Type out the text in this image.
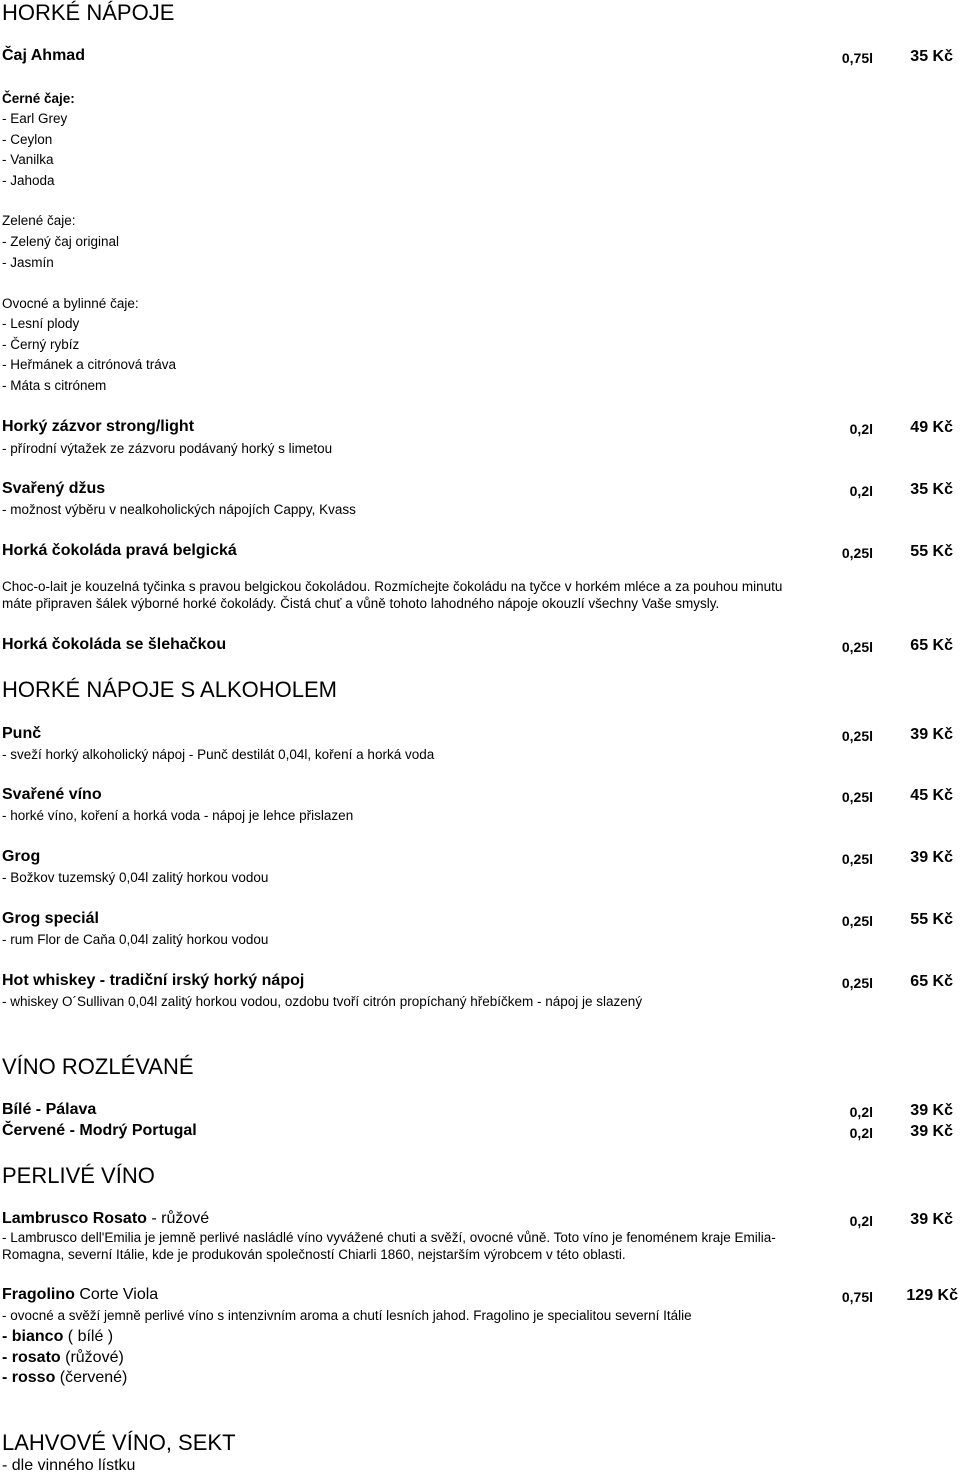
HORKÉ NÁPOJE
Čaj Ahmad	0,75l 35 Kč
Černé čaje:
- Earl Grey
- Ceylon
- Vanilka
- Jahoda
Zelené čaje:
- Zelený čaj original
- Jasmín
Ovocné a bylinné čaje:
- Lesní plody
- Černý rybíz
- Heřmánek a citrónová tráva
- Máta s citrónem
Horký zázvor strong/light	0,2l 49 Kč
- přírodní výtažek ze zázvoru podávaný horký s limetou
Svařený džus	0,2l 35 Kč
- možnost výběru v nealkoholických nápojích Cappy, Kvass
Horká čokoláda pravá belgická	0,25l 55 Kč
Choc-o-lait je kouzelná tyčinka s pravou belgickou čokoládou. Rozmíchejte čokoládu na tyčce v horkém mléce a za pouhou minutu máte připraven šálek výborné horké čokolády. Čistá chuť a vůně tohoto lahodného nápoje okouzlí všechny Vaše smysly.
Horká čokoláda se šlehačkou	0,25l 65 Kč
HORKÉ NÁPOJE S ALKOHOLEM
Punč	0,25l 39 Kč
- sveží horký alkoholický nápoj - Punč destilát 0,04l, koření a horká voda
Svařené víno	0,25l 45 Kč
- horké víno, koření a horká voda - nápoj je lehce přislazen
Grog	0,25l 39 Kč
- Božkov tuzemský 0,04l zalitý horkou vodou
Grog speciál	0,25l 55 Kč
- rum Flor de Caňa 0,04l zalitý horkou vodou
Hot whiskey - tradiční irský horký nápoj	0,25l 65 Kč
- whiskey O´Sullivan 0,04l zalitý horkou vodou, ozdobu tvoří citrón propíchaný hřebíčkem - nápoj je slazený
VÍNO ROZLÉVANÉ
Bílé - Pálava	0,2l 39 Kč
Červené - Modrý Portugal	0,2l 39 Kč
PERLIVÉ VÍNO
Lambrusco Rosato - růžové	0,2l 39 Kč
- Lambrusco dell'Emilia je jemně perlivé nasládlé víno vyvážené chuti a svěží, ovocné vůně. Toto víno je fenoménem kraje Emilia-Romagna, severní Itálie, kde je produkován společností Chiarli 1860, nejstarším výrobcem v této oblasti.
Fragolino Corte Viola	0,75l 129 Kč
- ovocné a svěží jemně perlivé víno s intenzivním aroma a chutí lesních jahod. Fragolino je specialitou severní Itálie
- bianco ( bílé )
- rosato (růžové)
- rosso (červené)
LAHVOVÉ VÍNO, SEKT
- dle vinného lístku
